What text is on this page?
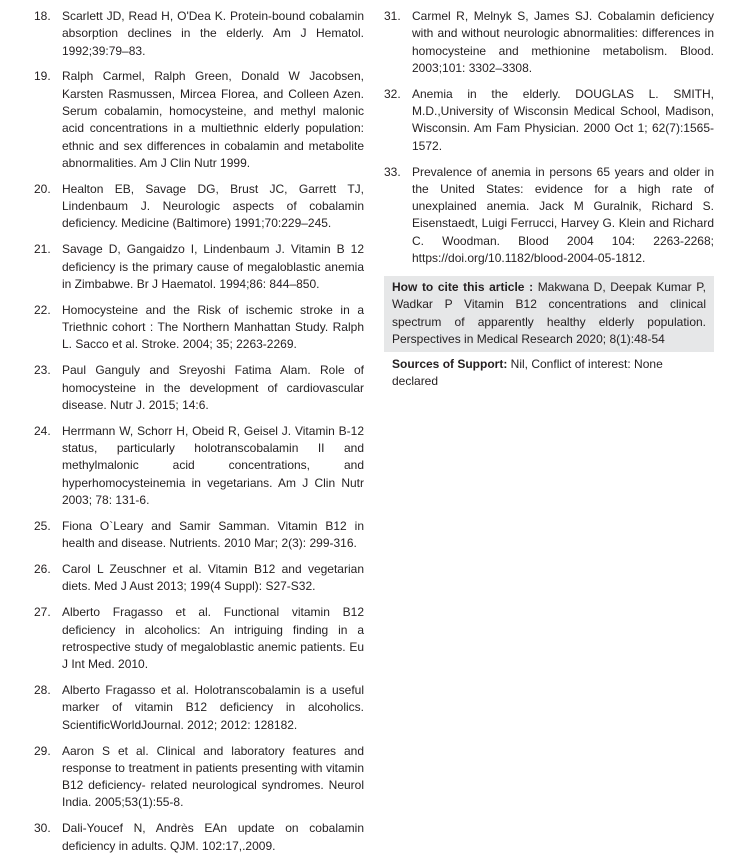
18. Scarlett JD, Read H, O'Dea K. Protein-bound cobalamin absorption declines in the elderly. Am J Hematol. 1992;39:79–83.
19. Ralph Carmel, Ralph Green, Donald W Jacobsen, Karsten Rasmussen, Mircea Florea, and Colleen Azen. Serum cobalamin, homocysteine, and methyl malonic acid concentrations in a multiethnic elderly population: ethnic and sex differences in cobalamin and metabolite abnormalities. Am J Clin Nutr 1999.
20. Healton EB, Savage DG, Brust JC, Garrett TJ, Lindenbaum J. Neurologic aspects of cobalamin deficiency. Medicine (Baltimore) 1991;70:229–245.
21. Savage D, Gangaidzo I, Lindenbaum J. Vitamin B 12 deficiency is the primary cause of megaloblastic anemia in Zimbabwe. Br J Haematol. 1994;86: 844–850.
22. Homocysteine and the Risk of ischemic stroke in a Triethnic cohort : The Northern Manhattan Study. Ralph L. Sacco et al. Stroke. 2004; 35; 2263-2269.
23. Paul Ganguly and Sreyoshi Fatima Alam. Role of homocysteine in the development of cardiovascular disease. Nutr J. 2015; 14:6.
24. Herrmann W, Schorr H, Obeid R, Geisel J. Vitamin B-12 status, particularly holotranscobalamin II and methylmalonic acid concentrations, and hyperhomocysteinemia in vegetarians. Am J Clin Nutr 2003; 78: 131-6.
25. Fiona O`Leary and Samir Samman. Vitamin B12 in health and disease. Nutrients. 2010 Mar; 2(3): 299-316.
26. Carol L Zeuschner et al. Vitamin B12 and vegetarian diets. Med J Aust 2013; 199(4 Suppl): S27-S32.
27. Alberto Fragasso et al. Functional vitamin B12 deficiency in alcoholics: An intriguing finding in a retrospective study of megaloblastic anemic patients. Eu J Int Med. 2010.
28. Alberto Fragasso et al. Holotranscobalamin is a useful marker of vitamin B12 deficiency in alcoholics. ScientificWorldJournal. 2012; 2012: 128182.
29. Aaron S et al. Clinical and laboratory features and response to treatment in patients presenting with vitamin B12 deficiency- related neurological syndromes. Neurol India. 2005;53(1):55-8.
30. Dali-Youcef N, Andrès EAn update on cobalamin deficiency in adults. QJM. 102:17,.2009.
31. Carmel R, Melnyk S, James SJ. Cobalamin deficiency with and without neurologic abnormalities: differences in homocysteine and methionine metabolism. Blood. 2003;101: 3302–3308.
32. Anemia in the elderly. DOUGLAS L. SMITH, M.D.,University of Wisconsin Medical School, Madison, Wisconsin. Am Fam Physician. 2000 Oct 1; 62(7):1565-1572.
33. Prevalence of anemia in persons 65 years and older in the United States: evidence for a high rate of unexplained anemia. Jack M Guralnik, Richard S. Eisenstaedt, Luigi Ferrucci, Harvey G. Klein and Richard C. Woodman. Blood 2004 104: 2263-2268; https://doi.org/10.1182/blood-2004-05-1812.
How to cite this article : Makwana D, Deepak Kumar P, Wadkar P Vitamin B12 concentrations and clinical spectrum of apparently healthy elderly population. Perspectives in Medical Research 2020; 8(1):48-54
Sources of Support: Nil, Conflict of interest: None declared
